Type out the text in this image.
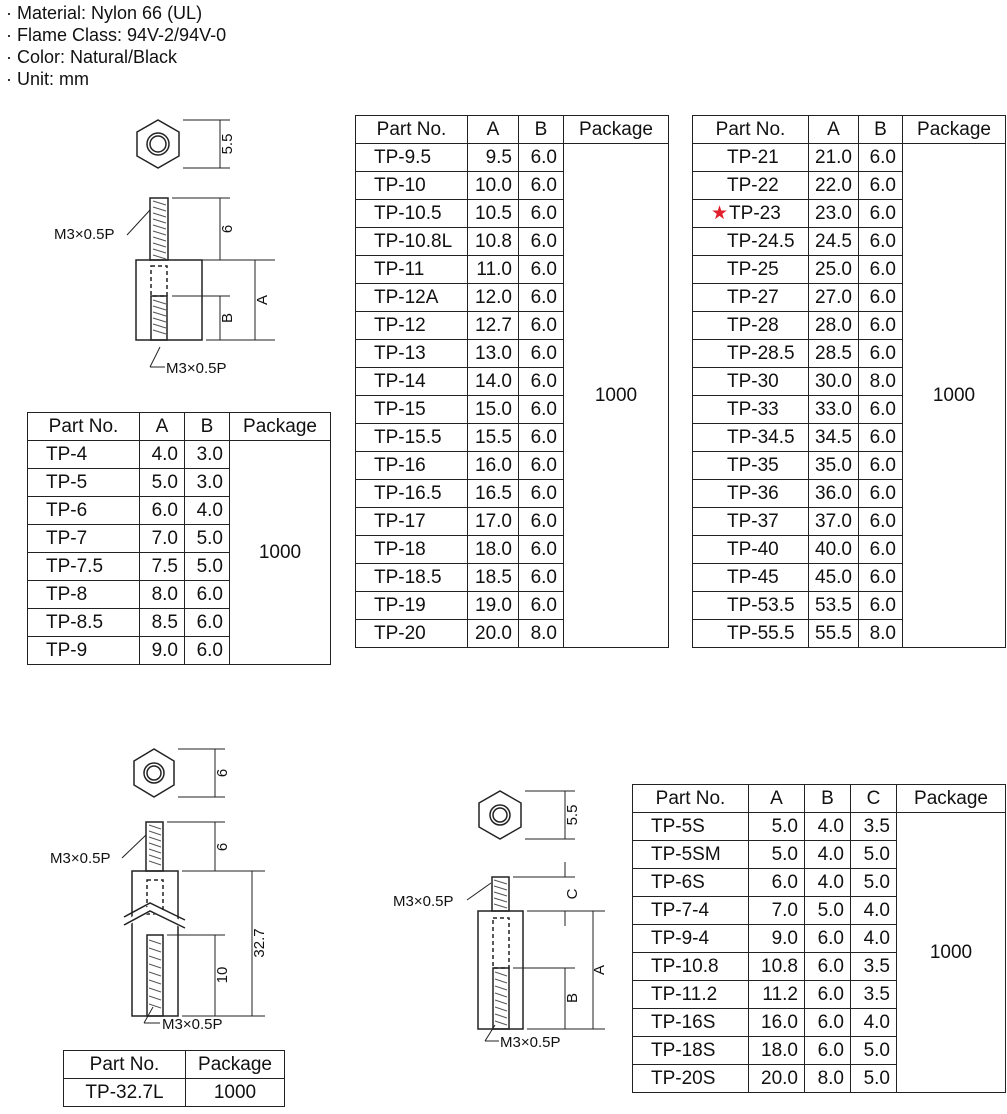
· Material: Nylon 66 (UL)
· Flame Class: 94V-2/94V-0
· Color: Natural/Black
· Unit: mm
M3×0.5P
M3×0.5P
5.5
6
B
A
Part No.	A	B	Package
TP-4	4.0	3.0	1000
TP-5	5.0	3.0	
TP-6	6.0	4.0	
TP-7	7.0	5.0	
TP-7.5	7.5	5.0	
TP-8	8.0	6.0	
TP-8.5	8.5	6.0	
TP-9	9.0	6.0	
Part No.	A	B	Package
TP-9.5	9.5	6.0	1000
TP-10	10.0	6.0	
TP-10.5	10.5	6.0	
TP-10.8L	10.8	6.0	
TP-11	11.0	6.0	
TP-12A	12.0	6.0	
TP-12	12.7	6.0	
TP-13	13.0	6.0	
TP-14	14.0	6.0	
TP-15	15.0	6.0	
TP-15.5	15.5	6.0	
TP-16	16.0	6.0	
TP-16.5	16.5	6.0	
TP-17	17.0	6.0	
TP-18	18.0	6.0	
TP-18.5	18.5	6.0	
TP-19	19.0	6.0	
TP-20	20.0	8.0	
Part No.	A	B	Package
TP-21	21.0	6.0	1000
TP-22	22.0	6.0	
★TP-23	23.0	6.0	
TP-24.5	24.5	6.0	
TP-25	25.0	6.0	
TP-27	27.0	6.0	
TP-28	28.0	6.0	
TP-28.5	28.5	6.0	
TP-30	30.0	8.0	
TP-33	33.0	6.0	
TP-34.5	34.5	6.0	
TP-35	35.0	6.0	
TP-36	36.0	6.0	
TP-37	37.0	6.0	
TP-40	40.0	6.0	
TP-45	45.0	6.0	
TP-53.5	53.5	6.0	
TP-55.5	55.5	8.0	
M3×0.5P
M3×0.5P
6
6
10
32.7
Part No.	Package
TP-32.7L	1000
M3×0.5P
M3×0.5P
5.5
C
B
A
Part No.	A	B	C	Package
TP-5S	5.0	4.0	3.5	1000
TP-5SM	5.0	4.0	5.0	
TP-6S	6.0	4.0	5.0	
TP-7-4	7.0	5.0	4.0	
TP-9-4	9.0	6.0	4.0	
TP-10.8	10.8	6.0	3.5	
TP-11.2	11.2	6.0	3.5	
TP-16S	16.0	6.0	4.0	
TP-18S	18.0	6.0	5.0	
TP-20S	20.0	8.0	5.0	
